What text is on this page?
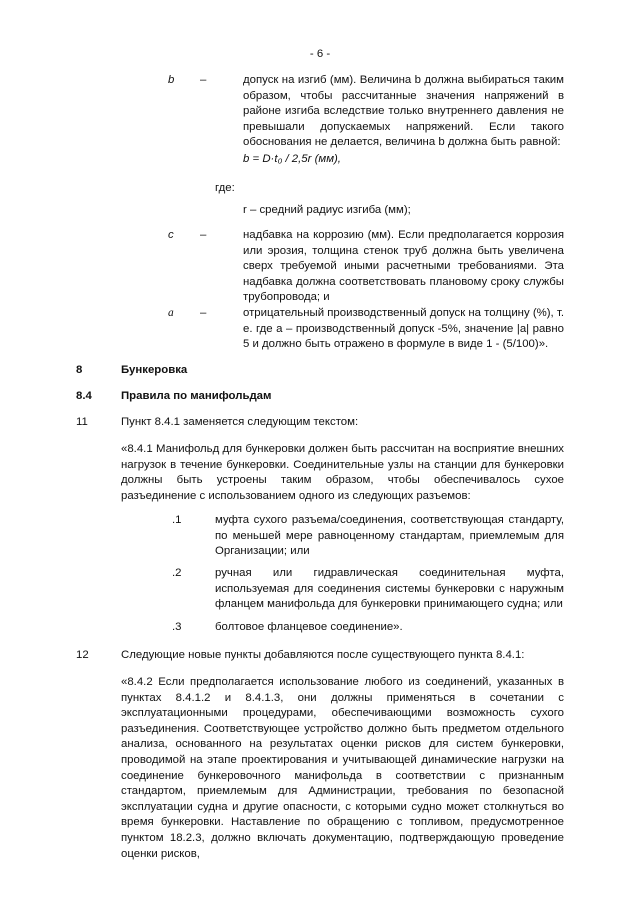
- 6 -
b –	допуск на изгиб (мм). Величина b должна выбираться таким образом, чтобы рассчитанные значения напряжений в районе изгиба вследствие только внутреннего давления не превышали допускаемых напряжений. Если такого обоснования не делается, величина b должна быть равной:
b = D·t₀ / 2,5r (мм),
где:
r – средний радиус изгиба (мм);
c –	надбавка на коррозию (мм). Если предполагается коррозия или эрозия, толщина стенок труб должна быть увеличена сверх требуемой иными расчетными требованиями. Эта надбавка должна соответствовать плановому сроку службы трубопровода; и
a –	отрицательный производственный допуск на толщину (%), т. е. где a – производственный допуск -5%, значение |a| равно 5 и должно быть отражено в формуле в виде 1 - (5/100)».
8	Бункеровка
8.4	Правила по манифольдам
11	Пункт 8.4.1 заменяется следующим текстом:
«8.4.1 Манифольд для бункеровки должен быть рассчитан на восприятие внешних нагрузок в течение бункеровки. Соединительные узлы на станции для бункеровки должны быть устроены таким образом, чтобы обеспечивалось сухое разъединение с использованием одного из следующих разъемов:
.1	муфта сухого разъема/соединения, соответствующая стандарту, по меньшей мере равноценному стандартам, приемлемым для Организации; или
.2	ручная или гидравлическая соединительная муфта, используемая для соединения системы бункеровки с наружным фланцем манифольда для бункеровки принимающего судна; или
.3	болтовое фланцевое соединение».
12	Следующие новые пункты добавляются после существующего пункта 8.4.1:
«8.4.2 Если предполагается использование любого из соединений, указанных в пунктах 8.4.1.2 и 8.4.1.3, они должны применяться в сочетании с эксплуатационными процедурами, обеспечивающими возможность сухого разъединения. Соответствующее устройство должно быть предметом отдельного анализа, основанного на результатах оценки рисков для систем бункеровки, проводимой на этапе проектирования и учитывающей динамические нагрузки на соединение бункеровочного манифольда в соответствии с признанным стандартом, приемлемым для Администрации, требования по безопасной эксплуатации судна и другие опасности, с которыми судно может столкнуться во время бункеровки. Наставление по обращению с топливом, предусмотренное пунктом 18.2.3, должно включать документацию, подтверждающую проведение оценки рисков,
